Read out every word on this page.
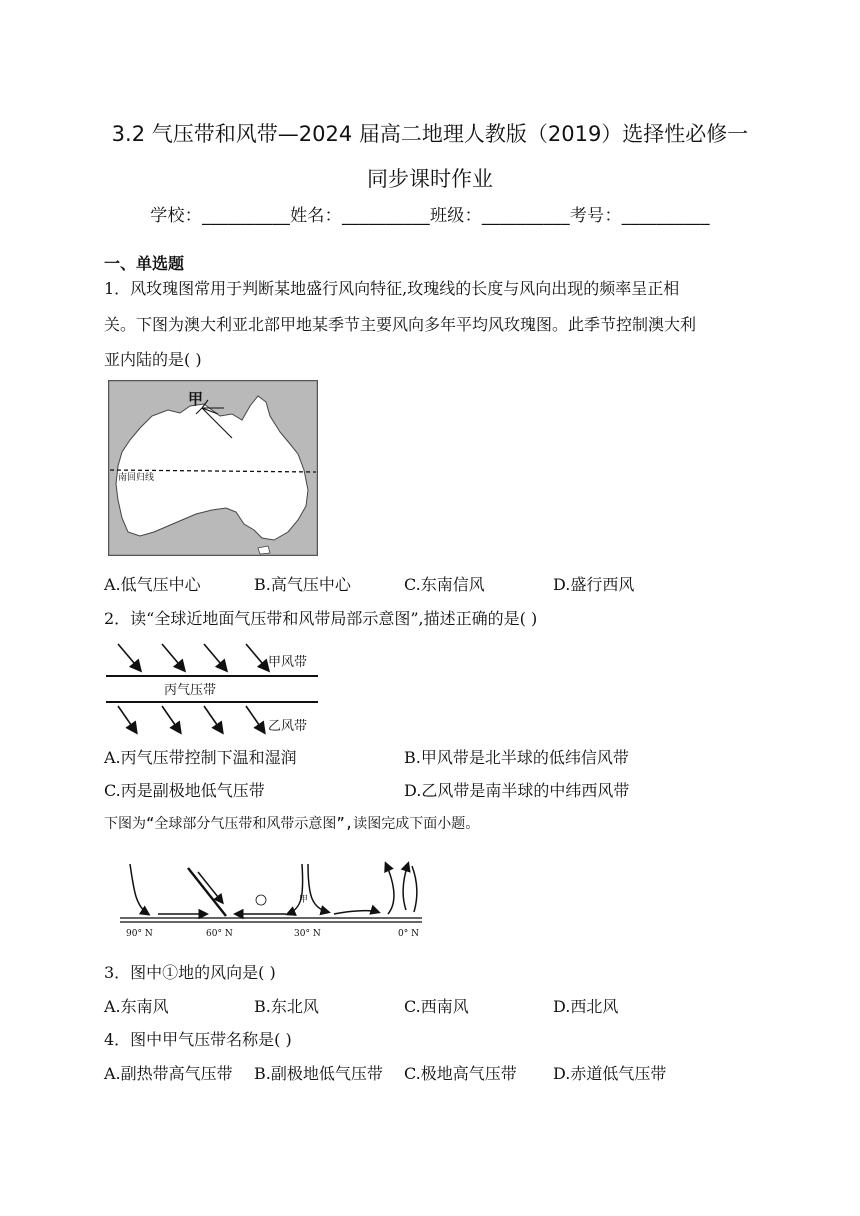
3.2 气压带和风带—2024 届高二地理人教版（2019）选择性必修一
同步课时作业
学校：__________姓名：__________班级：__________考号：__________
一、单选题
1．风玫瑰图常用于判断某地盛行风向特征,玫瑰线的长度与风向出现的频率呈正相
关。下图为澳大利亚北部甲地某季节主要风向多年平均风玫瑰图。此季节控制澳大利
亚内陆的是( )
甲
南回归线
A.低气压中心	B.高气压中心	C.东南信风	D.盛行西风
2．读“全球近地面气压带和风带局部示意图”,描述正确的是( )
甲风带
丙气压带
乙风带
A.丙气压带控制下温和湿润	B.甲风带是北半球的低纬信风带
C.丙是副极地低气压带	D.乙风带是南半球的中纬西风带
下图为“全球部分气压带和风带示意图”,读图完成下面小题。
①	甲
90° N	60° N	30° N	0° N
3．图中①地的风向是( )
A.东南风	B.东北风	C.西南风	D.西北风
4．图中甲气压带名称是( )
A.副热带高气压带 B.副极地低气压带 C.极地高气压带 D.赤道低气压带
